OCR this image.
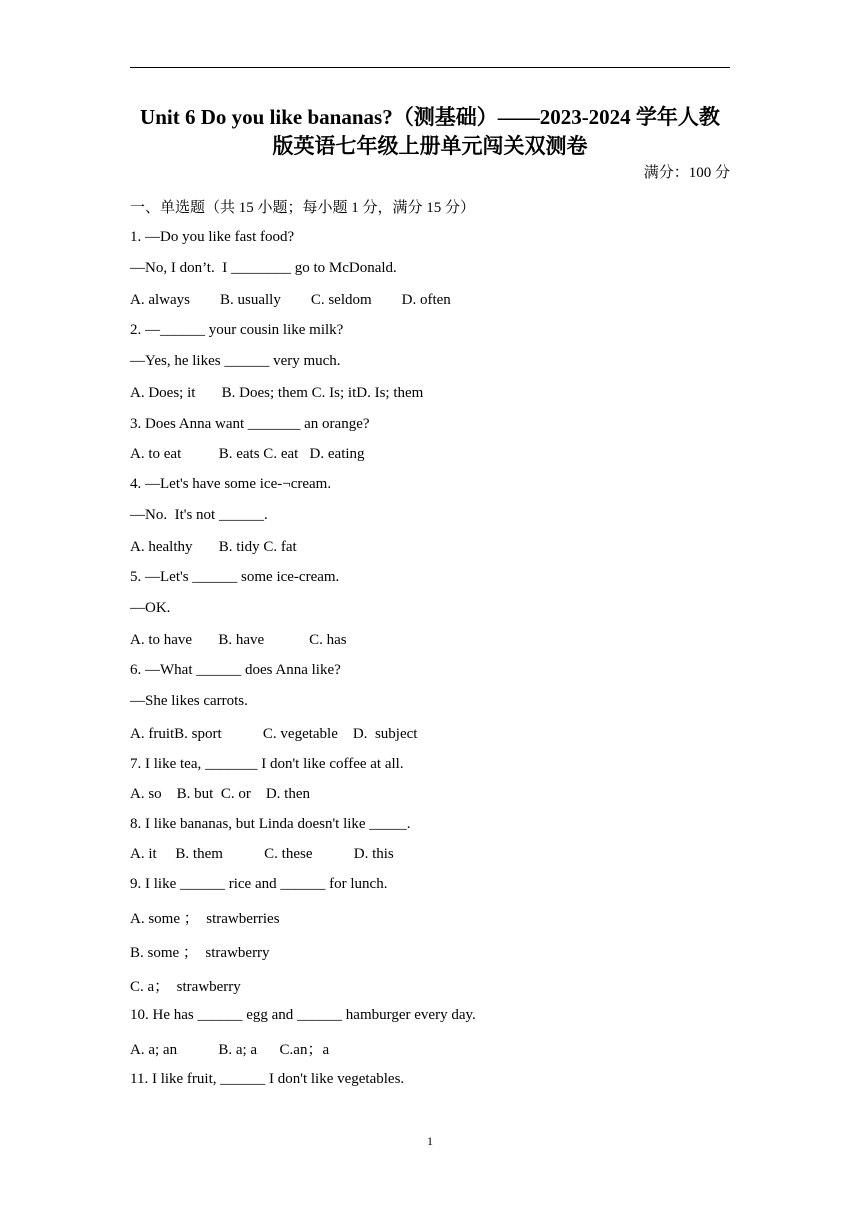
Unit 6 Do you like bananas?（测基础）——2023-2024 学年人教
版英语七年级上册单元闯关双测卷
满分：100 分
一、单选题（共 15 小题；每小题 1 分，满分 15 分）
1. —Do you like fast food?
—No, I don’t.  I ________ go to McDonald.
A. always        B. usually        C. seldom        D. often
2. —______ your cousin like milk?
—Yes, he likes ______ very much.
A. Does; it       B. Does; them C. Is; itD. Is; them
3. Does Anna want _______ an orange?
A. to eat          B. eats C. eat   D. eating
4. —Let's have some ice-¬cream.
—No.  It's not ______.
A. healthy       B. tidy C. fat
5. —Let's ______ some ice-cream.
—OK.
A. to have       B. have            C. has
6. —What ______ does Anna like?
—She likes carrots.
A. fruitB. sport           C. vegetable    D.  subject
7. I like tea, _______ I don't like coffee at all.
A. so    B. but  C. or    D. then
8. I like bananas, but Linda doesn't like _____.
A. it     B. them           C. these           D. this
9. I like ______ rice and ______ for lunch.
A. some ；  strawberries
B. some ；  strawberry
C. a；  strawberry
10. He has ______ egg and ______ hamburger every day.
A. a; an           B. a; a      C.an；a
11. I like fruit, ______ I don't like vegetables.
1
